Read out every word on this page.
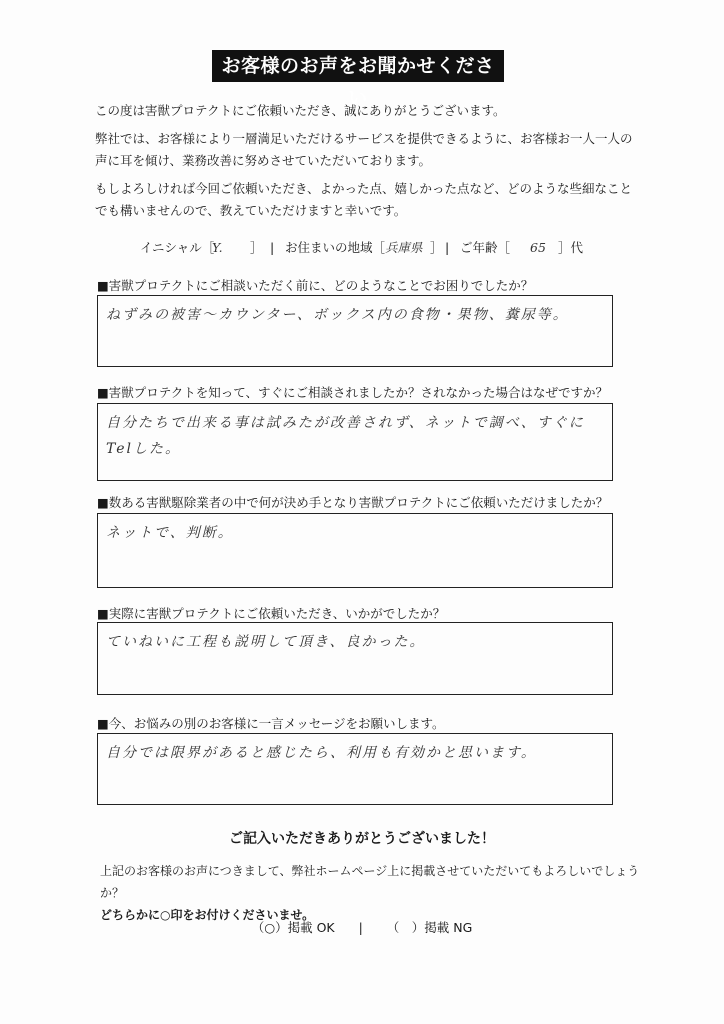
お客様のお声をお聞かせください

この度は害獣プロテクトにご依頼いただき、誠にありがとうございます。

弊社では、お客様により一層満足いただけるサービスを提供できるように、お客様お一人一人の声に耳を傾け、業務改善に努めさせていただいております。

もしよろしければ今回ご依頼いただき、よかった点、嬉しかった点など、どのような些細なことでも構いませんので、教えていただけますと幸いです。

イニシャル［
Y. ］ | お住まいの地域［ 兵庫県 ］ | ご年齢［ 65 ］代
■害獣プロテクトにご相談いただく前に、どのようなことでお困りでしたか？
ねずみの被害～カウンター、ボックス内の食物・果物、糞尿等。
■害獣プロテクトを知って、すぐにご相談されましたか？されなかった場合はなぜですか？
自分たちで出来る事は試みたが改善されず、ネットで調べ、すぐにTelした。
■数ある害獣駆除業者の中で何が決め手となり害獣プロテクトにご依頼いただけましたか？
ネットで、判断。
■実際に害獣プロテクトにご依頼いただき、いかがでしたか？
ていねいに工程も説明して頂き、良かった。
■今、お悩みの別のお客様に一言メッセージをお願いします。
自分では限界があると感じたら、利用も有効かと思います。
ご記入いただきありがとうございました！
上記のお客様のお声につきまして、弊社ホームページ上に掲載させていただいてもよろしいでしょうか？
どちらかに○印をお付けくださいませ。
（○）掲載 OK | （　）掲載 NG
